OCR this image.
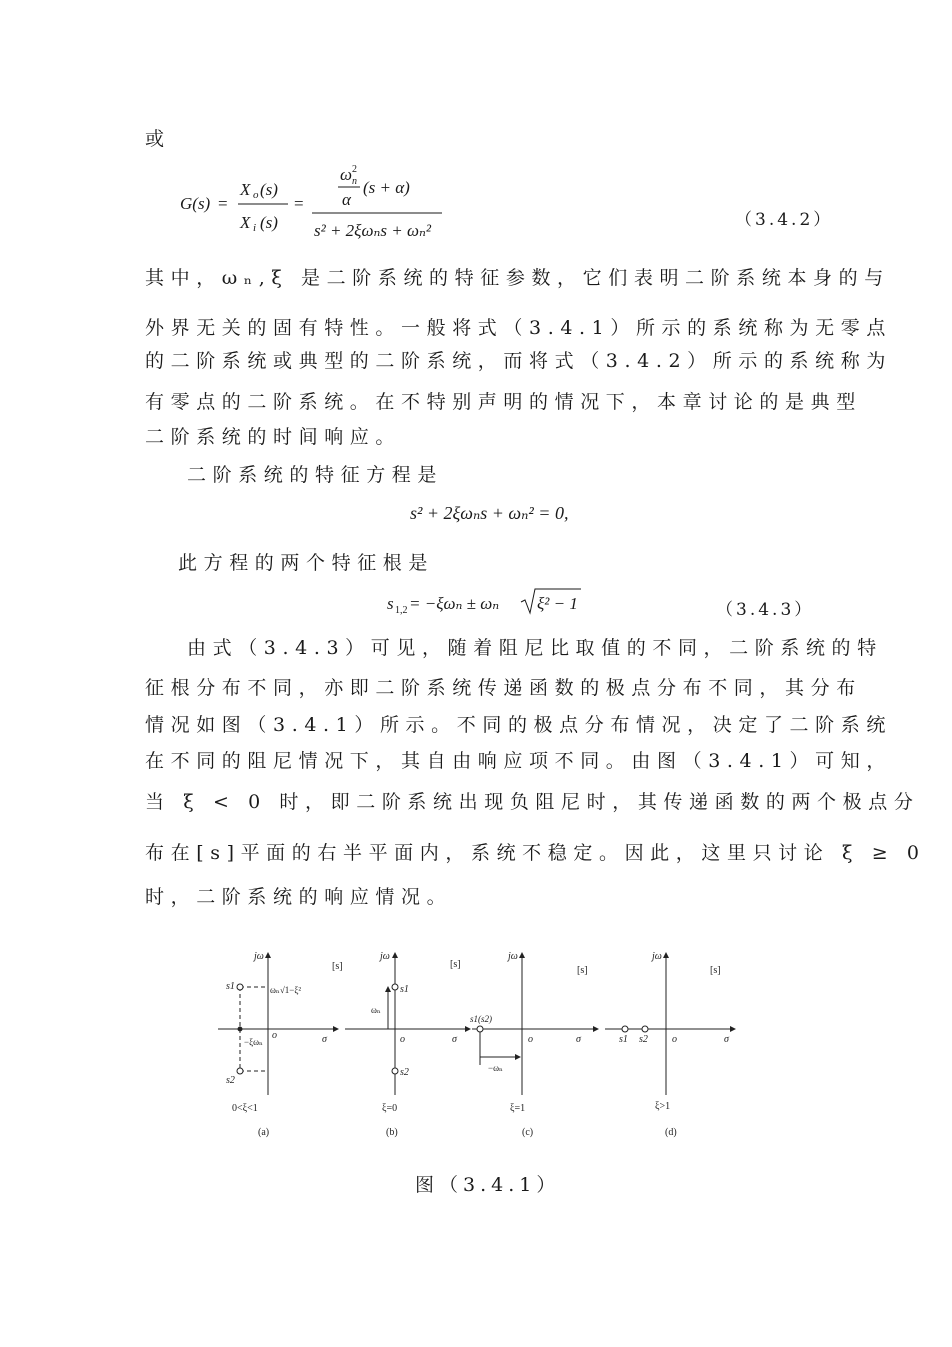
或
G(s) =
X o (s)
X i (s)
=
ω 2
n (s + α)
α
s² + 2ξωₙs + ωₙ²
（3.4.2）
其中，ωₙ,ξ 是二阶系统的特征参数，它们表明二阶系统本身的与
外界无关的固有特性。一般将式（3.4.1）所示的系统称为无零点
的二阶系统或典型的二阶系统，而将式（3.4.2）所示的系统称为
有零点的二阶系统。在不特别声明的情况下，本章讨论的是典型
二阶系统的时间响应。
二阶系统的特征方程是
s² + 2ξωₙs + ωₙ² = 0,
此方程的两个特征根是
s 1,2 = −ξωₙ ± ωₙ ξ² − 1	（3.4.3）
由式（3.4.3）可见，随着阻尼比取值的不同，二阶系统的特
征根分布不同，亦即二阶系统传递函数的极点分布不同，其分布
情况如图（3.4.1）所示。不同的极点分布情况，决定了二阶系统
在不同的阻尼情况下，其自由响应项不同。由图（3.4.1）可知，
当 ξ < 0 时，即二阶系统出现负阻尼时，其传递函数的两个极点分
布在[s]平面的右半平面内，系统不稳定。因此，这里只讨论 ξ ≥ 0
时，二阶系统的响应情况。
jω
[s]
σ
o
s1
s2
ωₙ√1−ξ²
−ξωₙ
0<ξ<1
(a)
jω
[s]
σ
o
s1
s2
ωₙ
ξ=0
(b)
jω
[s]
σ
o
s1(s2)
−ωₙ
ξ=1
(c)
jω
[s]
σ
o
s1 s2
ξ>1
(d)
图（3.4.1）
